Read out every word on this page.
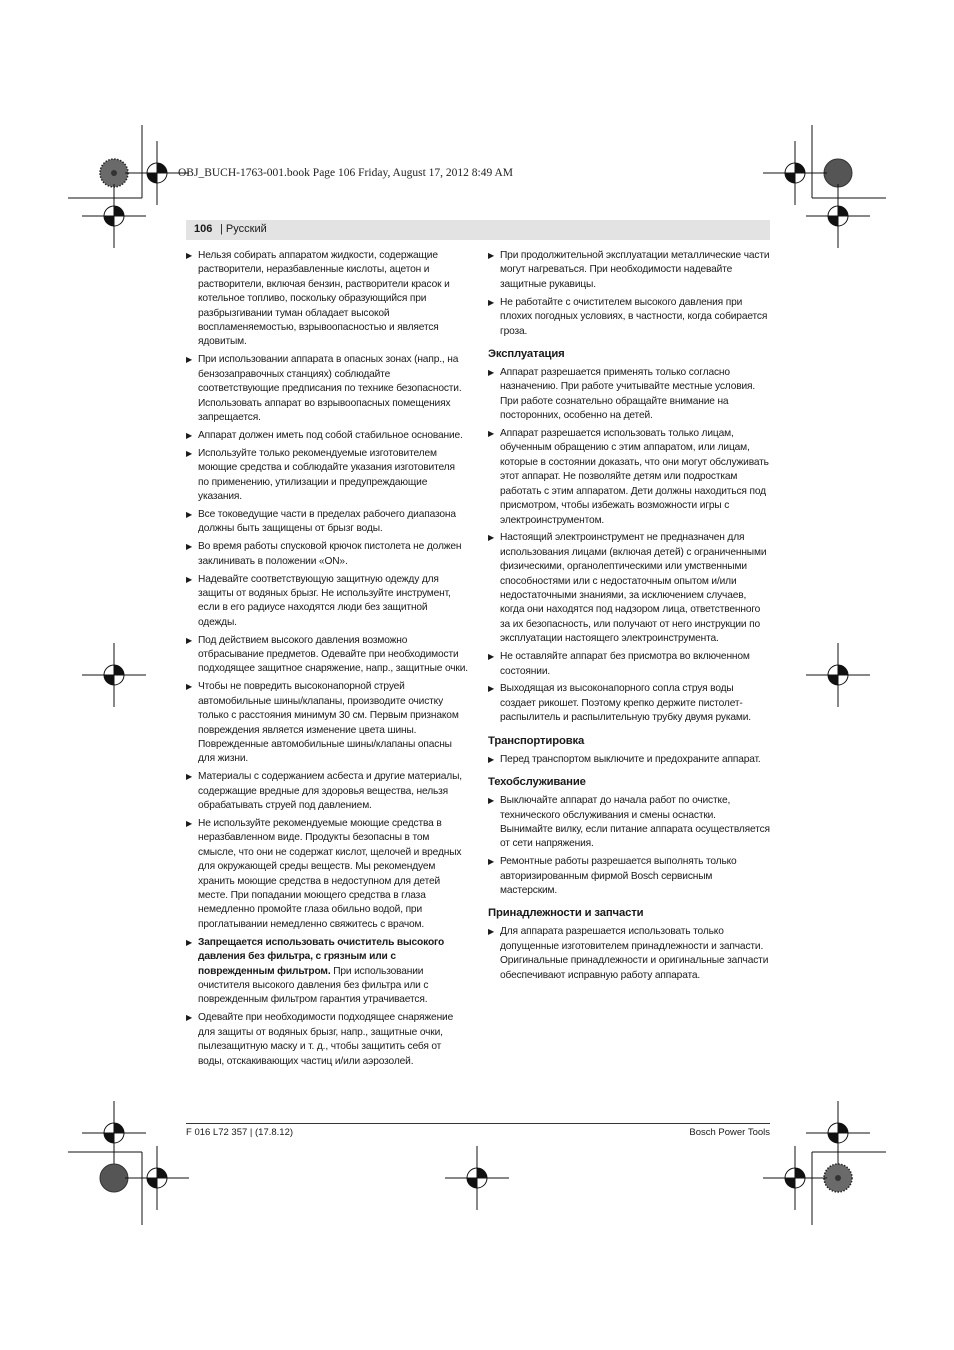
OBJ_BUCH-1763-001.book Page 106 Friday, August 17, 2012 8:49 AM
106 | Русский
▶ Нельзя собирать аппаратом жидкости, содержащие растворители, неразбавленные кислоты, ацетон и растворители, включая бензин, растворители красок и котельное топливо, поскольку образующийся при разбрызгивании туман обладает высокой воспламеняемостью, взрывоопасностью и является ядовитым.
▶ При использовании аппарата в опасных зонах (напр., на бензозаправочных станциях) соблюдайте соответствующие предписания по технике безопасности. Использовать аппарат во взрывоопасных помещениях запрещается.
▶ Аппарат должен иметь под собой стабильное основание.
▶ Используйте только рекомендуемые изготовителем моющие средства и соблюдайте указания изготовителя по применению, утилизации и предупреждающие указания.
▶ Все токоведущие части в пределах рабочего диапазона должны быть защищены от брызг воды.
▶ Во время работы спусковой крючок пистолета не должен заклинивать в положении «ON».
▶ Надевайте соответствующую защитную одежду для защиты от водяных брызг. Не используйте инструмент, если в его радиусе находятся люди без защитной одежды.
▶ Под действием высокого давления возможно отбрасывание предметов. Одевайте при необходимости подходящее защитное снаряжение, напр., защитные очки.
▶ Чтобы не повредить высоконапорной струей автомобильные шины/клапаны, производите очистку только с расстояния минимум 30 см. Первым признаком повреждения является изменение цвета шины. Поврежденные автомобильные шины/клапаны опасны для жизни.
▶ Материалы с содержанием асбеста и другие материалы, содержащие вредные для здоровья вещества, нельзя обрабатывать струей под давлением.
▶ Не используйте рекомендуемые моющие средства в неразбавленном виде. Продукты безопасны в том смысле, что они не содержат кислот, щелочей и вредных для окружающей среды веществ. Мы рекомендуем хранить моющие средства в недоступном для детей месте. При попадании моющего средства в глаза немедленно промойте глаза обильно водой, при проглатывании немедленно свяжитесь с врачом.
▶ Запрещается использовать очиститель высокого давления без фильтра, с грязным или с поврежденным фильтром. При использовании очистителя высокого давления без фильтра или с поврежденным фильтром гарантия утрачивается.
▶ Одевайте при необходимости подходящее снаряжение для защиты от водяных брызг, напр., защитные очки, пылезащитную маску и т. д., чтобы защитить себя от воды, отскакивающих частиц и/или аэрозолей.
▶ При продолжительной эксплуатации металлические части могут нагреваться. При необходимости надевайте защитные рукавицы.
▶ Не работайте с очистителем высокого давления при плохих погодных условиях, в частности, когда собирается гроза.
Эксплуатация
▶ Аппарат разрешается применять только согласно назначению. При работе учитывайте местные условия. При работе сознательно обращайте внимание на посторонних, особенно на детей.
▶ Аппарат разрешается использовать только лицам, обученным обращению с этим аппаратом, или лицам, которые в состоянии доказать, что они могут обслуживать этот аппарат. Не позволяйте детям или подросткам работать с этим аппаратом. Дети должны находиться под присмотром, чтобы избежать возможности игры с электроинструментом.
▶ Настоящий электроинструмент не предназначен для использования лицами (включая детей) с ограниченными физическими, органолептическими или умственными способностями или с недостаточным опытом и/или недостаточными знаниями, за исключением случаев, когда они находятся под надзором лица, ответственного за их безопасность, или получают от него инструкции по эксплуатации настоящего электроинструмента.
▶ Не оставляйте аппарат без присмотра во включенном состоянии.
▶ Выходящая из высоконапорного сопла струя воды создает рикошет. Поэтому крепко держите пистолет-распылитель и распылительную трубку двумя руками.
Транспортировка
▶ Перед транспортом выключите и предохраните аппарат.
Техобслуживание
▶ Выключайте аппарат до начала работ по очистке, технического обслуживания и смены оснастки. Вынимайте вилку, если питание аппарата осуществляется от сети напряжения.
▶ Ремонтные работы разрешается выполнять только авторизированным фирмой Bosch сервисным мастерским.
Принадлежности и запчасти
▶ Для аппарата разрешается использовать только допущенные изготовителем принадлежности и запчасти. Оригинальные принадлежности и оригинальные запчасти обеспечивают исправную работу аппарата.
F 016 L72 357 | (17.8.12)	Bosch Power Tools
